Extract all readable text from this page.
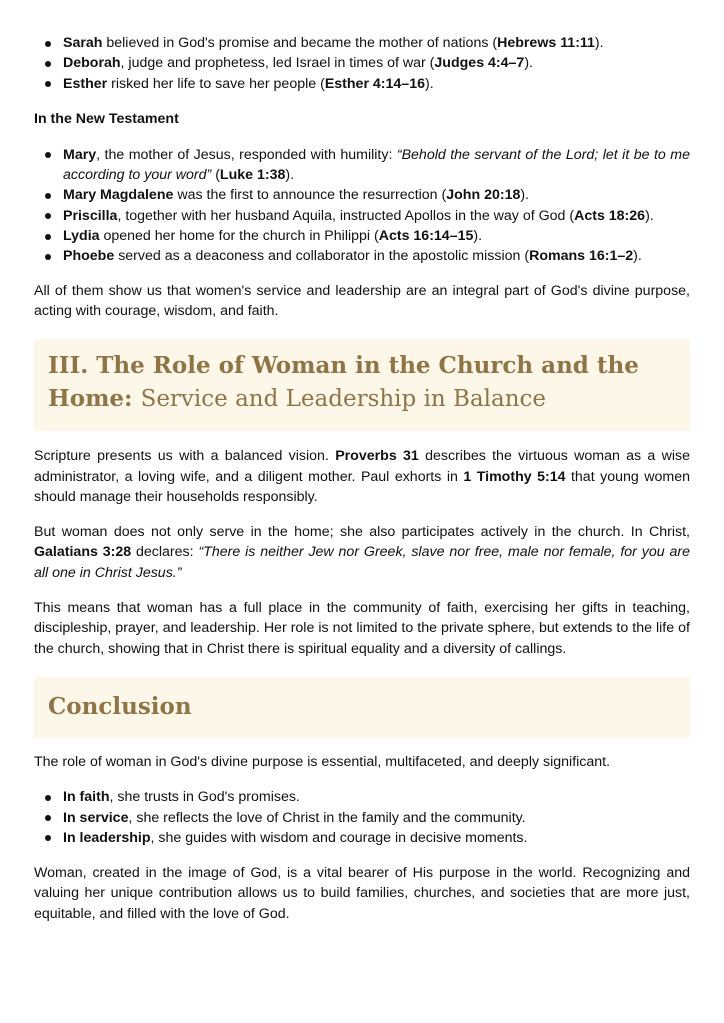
Sarah believed in God's promise and became the mother of nations (Hebrews 11:11).
Deborah, judge and prophetess, led Israel in times of war (Judges 4:4–7).
Esther risked her life to save her people (Esther 4:14–16).
In the New Testament
Mary, the mother of Jesus, responded with humility: “Behold the servant of the Lord; let it be to me according to your word” (Luke 1:38).
Mary Magdalene was the first to announce the resurrection (John 20:18).
Priscilla, together with her husband Aquila, instructed Apollos in the way of God (Acts 18:26).
Lydia opened her home for the church in Philippi (Acts 16:14–15).
Phoebe served as a deaconess and collaborator in the apostolic mission (Romans 16:1–2).

All of them show us that women's service and leadership are an integral part of God's divine purpose, acting with courage, wisdom, and faith.

III. The Role of Woman in the Church and the Home: Service and Leadership in Balance

Scripture presents us with a balanced vision. Proverbs 31 describes the virtuous woman as a wise administrator, a loving wife, and a diligent mother. Paul exhorts in 1 Timothy 5:14 that young women should manage their households responsibly.

But woman does not only serve in the home; she also participates actively in the church. In Christ, Galatians 3:28 declares: “There is neither Jew nor Greek, slave nor free, male nor female, for you are all one in Christ Jesus.”

This means that woman has a full place in the community of faith, exercising her gifts in teaching, discipleship, prayer, and leadership. Her role is not limited to the private sphere, but extends to the life of the church, showing that in Christ there is spiritual equality and a diversity of callings.

Conclusion

The role of woman in God's divine purpose is essential, multifaceted, and deeply significant.

In faith, she trusts in God's promises.
In service, she reflects the love of Christ in the family and the community.
In leadership, she guides with wisdom and courage in decisive moments.

Woman, created in the image of God, is a vital bearer of His purpose in the world. Recognizing and valuing her unique contribution allows us to build families, churches, and societies that are more just, equitable, and filled with the love of God.
